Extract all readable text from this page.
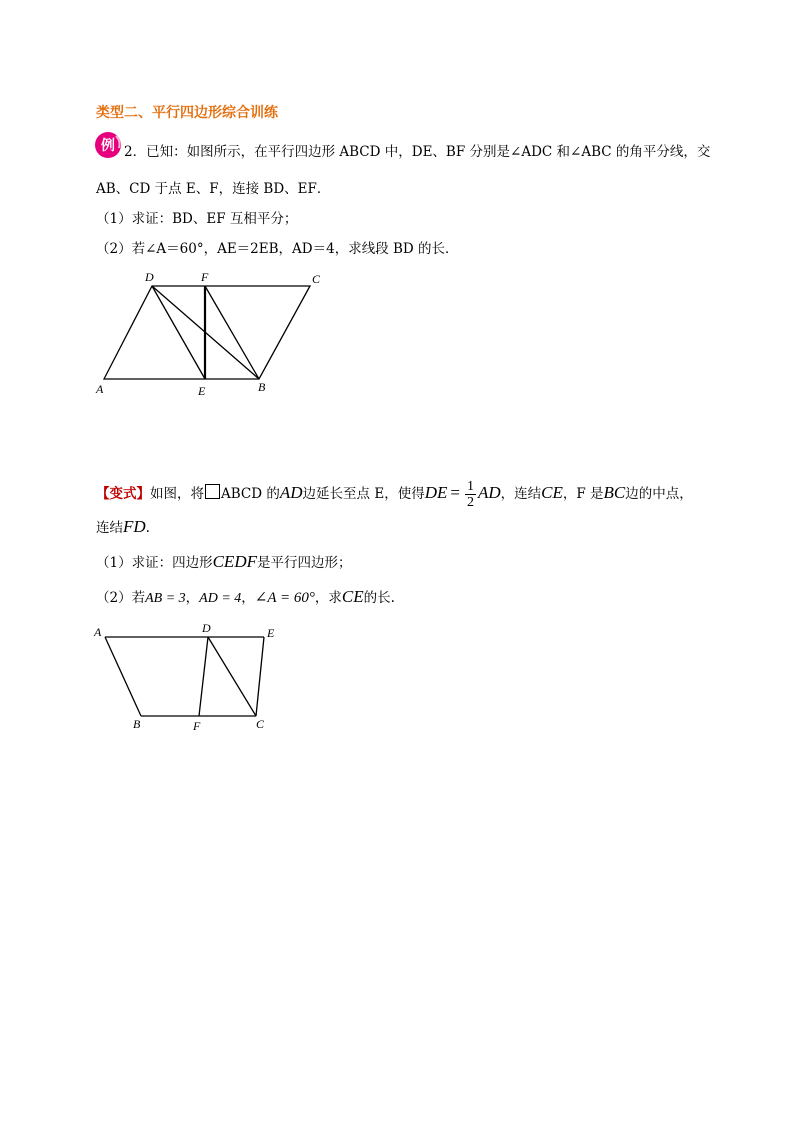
类型二、平行四边形综合训练
例 2．已知：如图所示，在平行四边形 ABCD 中，DE、BF 分别是∠ADC 和∠ABC 的角平分线，交
AB、CD 于点 E、F，连接 BD、EF．
（1）求证：BD、EF 互相平分；
（2）若∠A＝60°，AE＝2EB，AD＝4，求线段 BD 的长．
A	B
C
D
E
F
【变式】如图，将 ABCD 的AD边延长至点 E，使得DE = $\frac{1}{2}$ AD，连结CE，F 是BC边的中点，
连结FD.
（1）求证：四边形CEDF是平行四边形；
（2）若AB = 3，AD = 4，∠A = 60°，求CE的长.
A
B	C
D	E
F
